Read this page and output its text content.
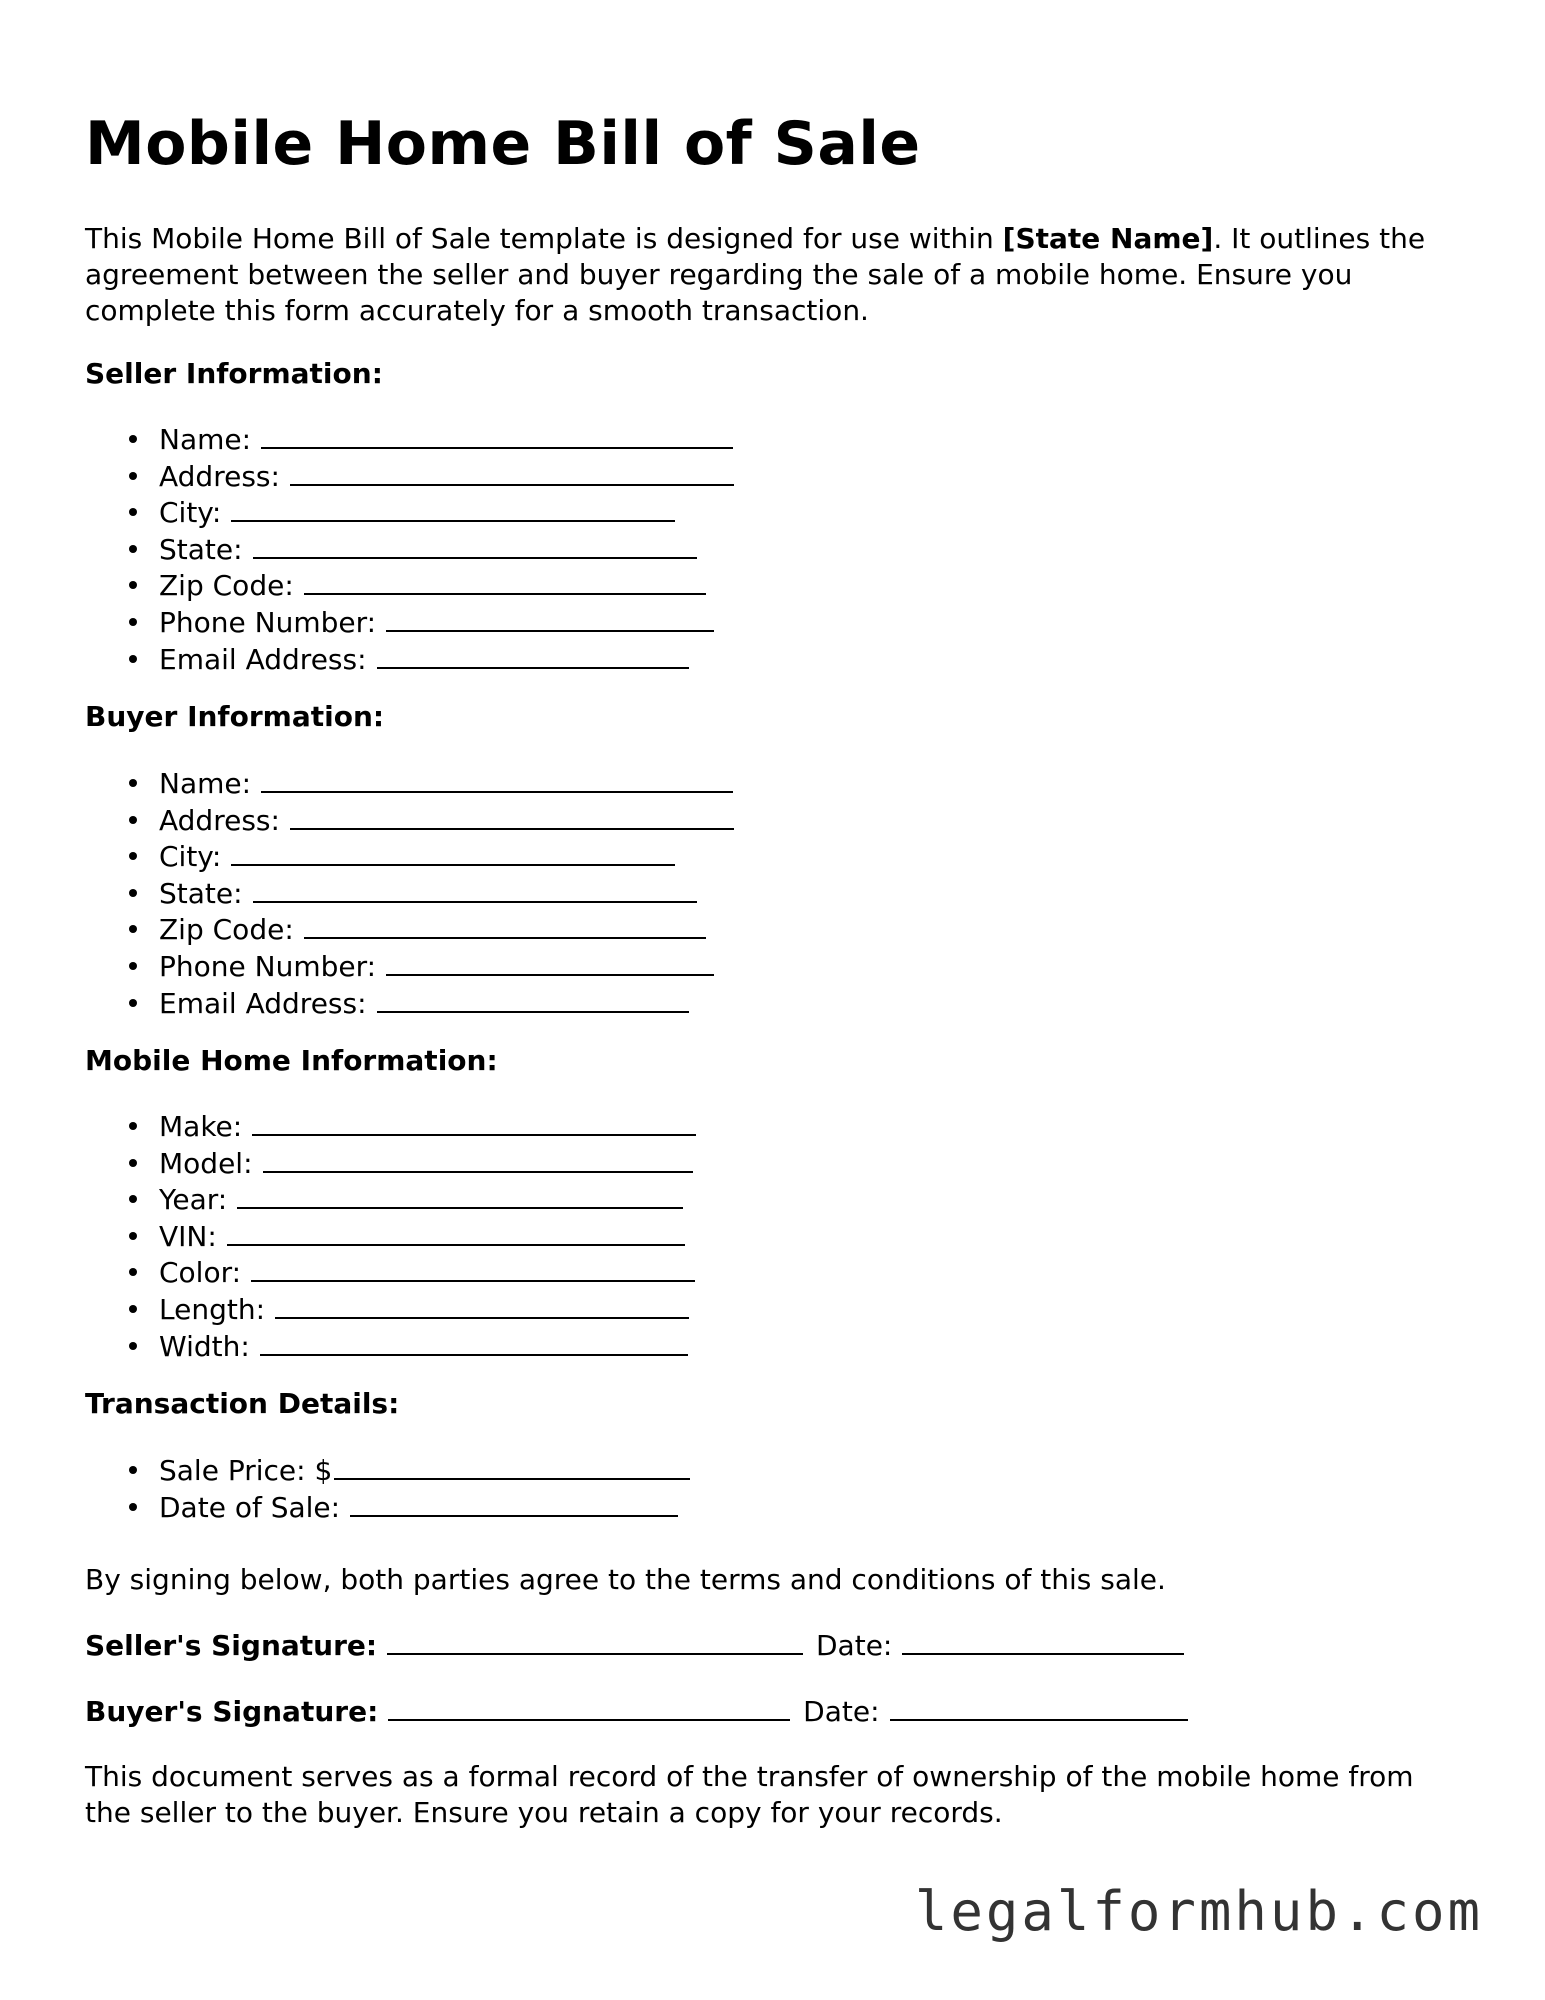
Mobile Home Bill of Sale

This Mobile Home Bill of Sale template is designed for use within [State Name]. It outlines the agreement between the seller and buyer regarding the sale of a mobile home. Ensure you complete this form accurately for a smooth transaction.

Seller Information:
Name:
Address:
City:
State:
Zip Code:
Phone Number:
Email Address:
Buyer Information:
Name:
Address:
City:
State:
Zip Code:
Phone Number:
Email Address:
Mobile Home Information:
Make:
Model:
Year:
VIN:
Color:
Length:
Width:
Transaction Details:
Sale Price: $
Date of Sale:

By signing below, both parties agree to the terms and conditions of this sale.

Seller's Signature:	Date:
Buyer's Signature:	Date:

This document serves as a formal record of the transfer of ownership of the mobile home from the seller to the buyer. Ensure you retain a copy for your records.

legalformhub.com
